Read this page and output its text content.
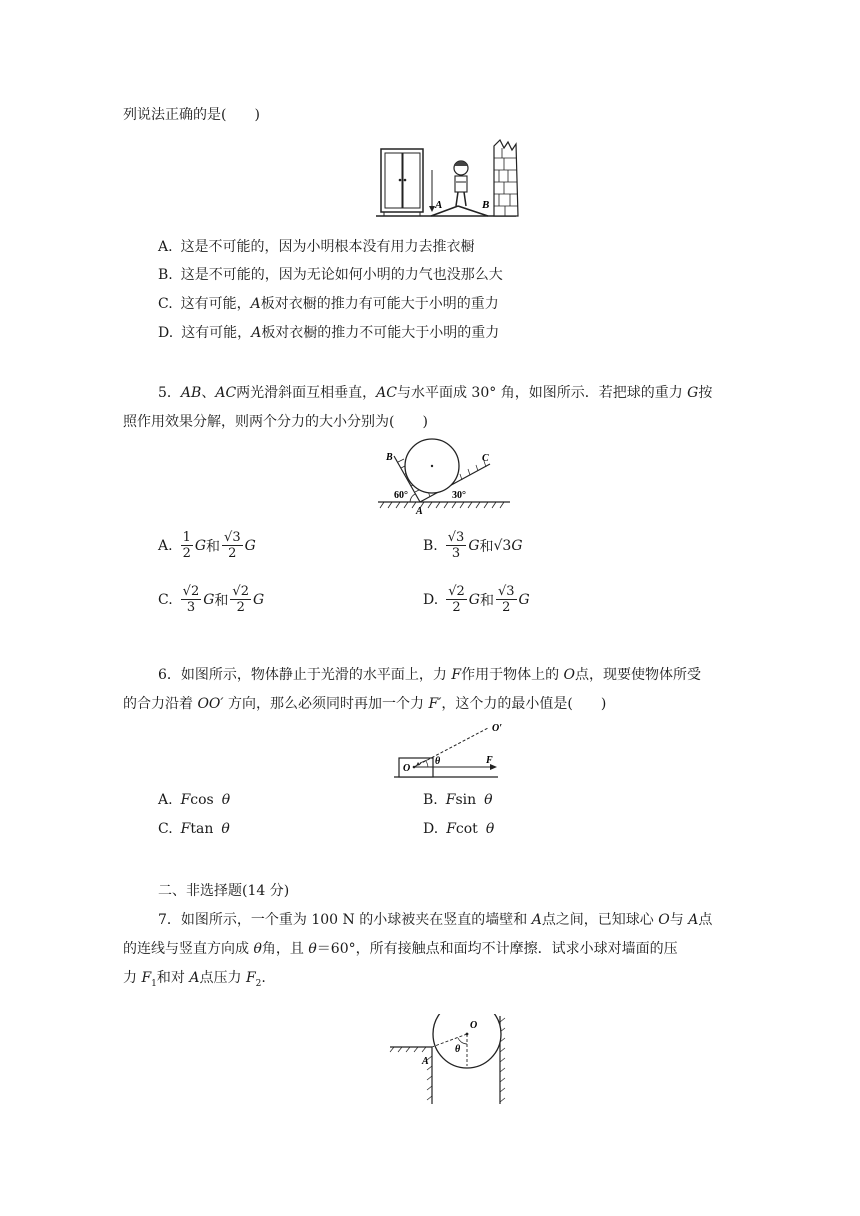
列说法正确的是(　　)
A	B
A. 这是不可能的，因为小明根本没有用力去推衣橱
B. 这是不可能的，因为无论如何小明的力气也没那么大
C. 这有可能，A板对衣橱的推力有可能大于小明的重力
D. 这有可能，A板对衣橱的推力不可能大于小明的重力
5．AB、AC两光滑斜面互相垂直，AC与水平面成 30° 角，如图所示．若把球的重力 G按
照作用效果分解，则两个分力的大小分别为(　　)
B	C
A
60°	30°
A. $\frac{1}{2}$ G 和 $\frac{√3}{2}$ G	B. $\frac{√3}{3}$ G 和 √3 G
C. $\frac{√2}{3}$ G 和 $\frac{√2}{2}$ G	D. $\frac{√2}{2}$ G 和 $\frac{√3}{2}$ G
6．如图所示，物体静止于光滑的水平面上，力 F作用于物体上的 O点，现要使物体所受
的合力沿着 OO′ 方向，那么必须同时再加一个力 F′，这个力的最小值是(　　)
O
O′
θ	F
A. Fcos θ	B. Fsin θ
C. Ftan θ	D. Fcot θ
二、非选择题(14 分)
7．如图所示，一个重为 100 N 的小球被夹在竖直的墙壁和 A点之间，已知球心 O与 A点
的连线与竖直方向成 θ角，且 θ＝60°，所有接触点和面均不计摩擦．试求小球对墙面的压
力 $F_1$和对 A点压力 $F_2$.
O
θ
A
